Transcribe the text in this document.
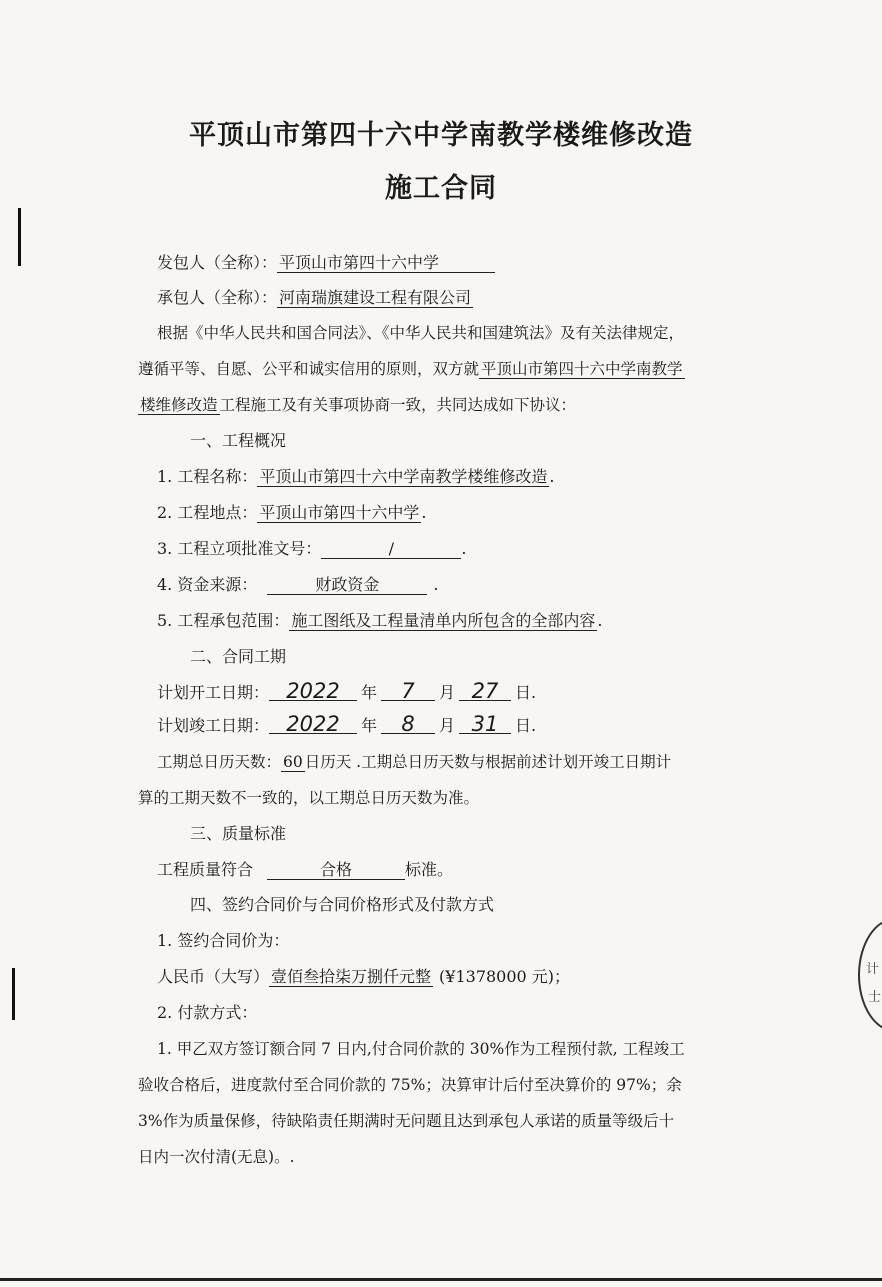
计
士
平顶山市第四十六中学南教学楼维修改造
施工合同
发包人（全称）： 平顶山市第四十六中学
承包人（全称）： 河南瑞旗建设工程有限公司
根据《中华人民共和国合同法》、《中华人民共和国建筑法》及有关法律规定，
遵循平等、自愿、公平和诚实信用的原则，双方就 平顶山市第四十六中学南教学
楼维修改造 工程施工及有关事项协商一致，共同达成如下协议：
一、工程概况
1. 工程名称： 平顶山市第四十六中学南教学楼维修改造 .
2. 工程地点： 平顶山市第四十六中学 .
3. 工程立项批准文号：	/	.
4. 资金来源：	财政资金	.
5. 工程承包范围： 施工图纸及工程量清单内所包含的全部内容 .
二、合同工期
计划开工日期： 2022 年 7 月 27 日.
计划竣工日期： 2022 年 8 月 31 日.
工期总日历天数： 60 日历天 .工期总日历天数与根据前述计划开竣工日期计
算的工期天数不一致的，以工期总日历天数为准。
三、质量标准
工程质量符合	合格	标准。
四、签约合同价与合同价格形式及付款方式
1. 签约合同价为：
人民币（大写） 壹佰叁拾柒万捌仟元整 (¥1378000 元)；
2. 付款方式：
1. 甲乙双方签订额合同 7 日内,付合同价款的 30%作为工程预付款, 工程竣工
验收合格后，进度款付至合同价款的 75%；决算审计后付至决算价的 97%；余
3%作为质量保修，待缺陷责任期满时无问题且达到承包人承诺的质量等级后十
日内一次付清(无息)。.
